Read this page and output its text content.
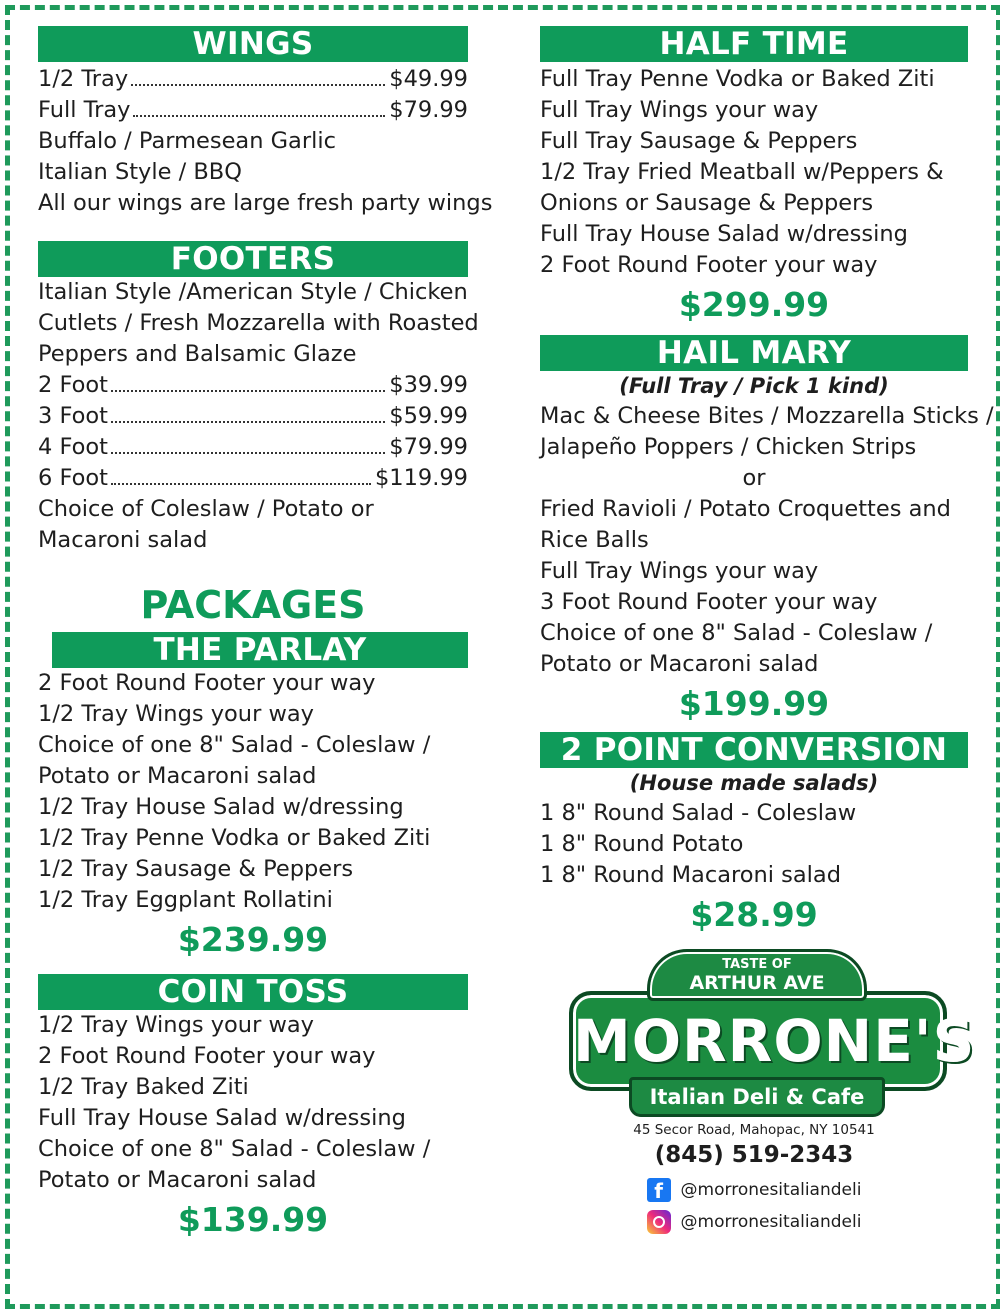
WINGS
1/2 Tray	$49.99
Full Tray	$79.99
Buffalo / Parmesean Garlic
Italian Style / BBQ
All our wings are large fresh party wings
FOOTERS
Italian Style /American Style / Chicken
Cutlets / Fresh Mozzarella with Roasted
Peppers and Balsamic Glaze
2 Foot	$39.99
3 Foot	$59.99
4 Foot	$79.99
6 Foot	$119.99
Choice of Coleslaw / Potato or
Macaroni salad
PACKAGES
THE PARLAY
2 Foot Round Footer your way
1/2 Tray Wings your way
Choice of one 8" Salad - Coleslaw /
Potato or Macaroni salad
1/2 Tray House Salad w/dressing
1/2 Tray Penne Vodka or Baked Ziti
1/2 Tray Sausage & Peppers
1/2 Tray Eggplant Rollatini
$239.99
COIN TOSS
1/2 Tray Wings your way
2 Foot Round Footer your way
1/2 Tray Baked Ziti
Full Tray House Salad w/dressing
Choice of one 8" Salad - Coleslaw /
Potato or Macaroni salad
$139.99
HALF TIME
Full Tray Penne Vodka or Baked Ziti
Full Tray Wings your way
Full Tray Sausage & Peppers
1/2 Tray Fried Meatball w/Peppers &
Onions or Sausage & Peppers
Full Tray House Salad w/dressing
2 Foot Round Footer your way
$299.99
HAIL MARY
(Full Tray / Pick 1 kind)
Mac & Cheese Bites / Mozzarella Sticks /
Jalapeño Poppers / Chicken Strips
or
Fried Ravioli / Potato Croquettes and
Rice Balls
Full Tray Wings your way
3 Foot Round Footer your way
Choice of one 8" Salad - Coleslaw /
Potato or Macaroni salad
$199.99
2 POINT CONVERSION
(House made salads)
1 8" Round Salad - Coleslaw
1 8" Round Potato
1 8" Round Macaroni salad
$28.99
MORRONE'S
TASTE OF
ARTHUR AVE
Italian Deli & Cafe
45 Secor Road, Mahopac, NY 10541
(845) 519-2343
f	@morronesitaliandeli
@morronesitaliandeli
